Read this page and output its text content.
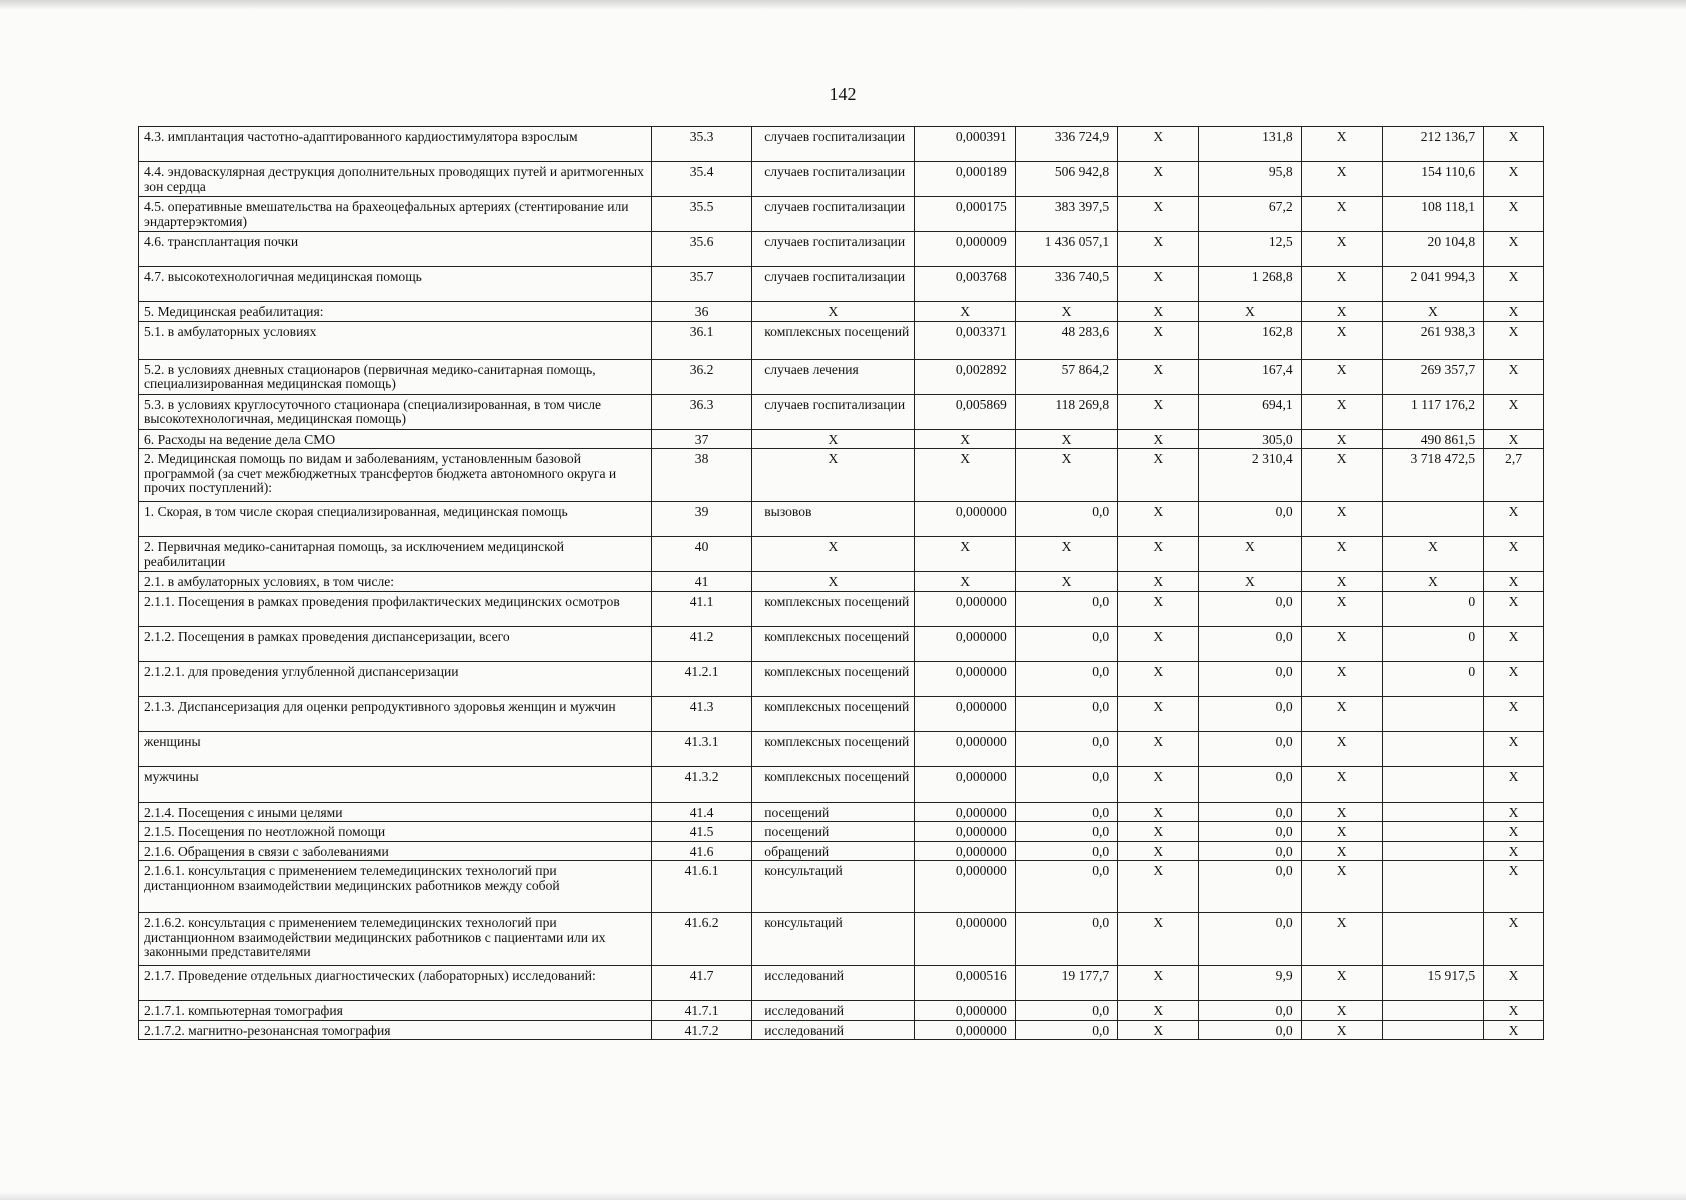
142
4.3. имплантация частотно-адаптированного кардиостимулятора взрослым	35.3	случаев госпитализации	0,000391	336 724,9	X	131,8	X	212 136,7	X
4.4. эндоваскулярная деструкция дополнительных проводящих путей и аритмогенных зон сердца	35.4	случаев госпитализации	0,000189	506 942,8	X	95,8	X	154 110,6	X
4.5. оперативные вмешательства на брахеоцефальных артериях (стентирование или эндартерэктомия)	35.5	случаев госпитализации	0,000175	383 397,5	X	67,2	X	108 118,1	X
4.6. трансплантация почки	35.6	случаев госпитализации	0,000009	1 436 057,1	X	12,5	X	20 104,8	X
4.7. высокотехнологичная медицинская помощь	35.7	случаев госпитализации	0,003768	336 740,5	X	1 268,8	X	2 041 994,3	X
5. Медицинская реабилитация:	36	X	X	X	X	X	X	X	X
5.1. в амбулаторных условиях	36.1	комплексных посещений	0,003371	48 283,6	X	162,8	X	261 938,3	X
5.2. в условиях дневных стационаров (первичная медико-санитарная помощь, специализированная медицинская помощь)	36.2	случаев лечения	0,002892	57 864,2	X	167,4	X	269 357,7	X
5.3. в условиях круглосуточного стационара (специализированная, в том числе высокотехнологичная, медицинская помощь)	36.3	случаев госпитализации	0,005869	118 269,8	X	694,1	X	1 117 176,2	X
6. Расходы на ведение дела СМО	37	X	X	X	X	305,0	X	490 861,5	X
2. Медицинская помощь по видам и заболеваниям, установленным базовой программой (за счет межбюджетных трансфертов бюджета автономного округа и прочих поступлений):	38	X	X	X	X	2 310,4	X	3 718 472,5	2,7
1. Скорая, в том числе скорая специализированная, медицинская помощь	39	вызовов	0,000000	0,0	X	0,0	X		X
2. Первичная медико-санитарная помощь, за исключением медицинской реабилитации	40	X	X	X	X	X	X	X	X
2.1. в амбулаторных условиях, в том числе:	41	X	X	X	X	X	X	X	X
2.1.1. Посещения в рамках проведения профилактических медицинских осмотров	41.1	комплексных посещений	0,000000	0,0	X	0,0	X	0	X
2.1.2. Посещения в рамках проведения диспансеризации, всего	41.2	комплексных посещений	0,000000	0,0	X	0,0	X	0	X
2.1.2.1. для проведения углубленной диспансеризации	41.2.1	комплексных посещений	0,000000	0,0	X	0,0	X	0	X
2.1.3. Диспансеризация для оценки репродуктивного здоровья женщин и мужчин	41.3	комплексных посещений	0,000000	0,0	X	0,0	X		X
женщины	41.3.1	комплексных посещений	0,000000	0,0	X	0,0	X		X
мужчины	41.3.2	комплексных посещений	0,000000	0,0	X	0,0	X		X
2.1.4. Посещения с иными целями	41.4	посещений	0,000000	0,0	X	0,0	X		X
2.1.5. Посещения по неотложной помощи	41.5	посещений	0,000000	0,0	X	0,0	X		X
2.1.6. Обращения в связи с заболеваниями	41.6	обращений	0,000000	0,0	X	0,0	X		X
2.1.6.1. консультация с применением телемедицинских технологий при дистанционном взаимодействии медицинских работников между собой	41.6.1	консультаций	0,000000	0,0	X	0,0	X		X
2.1.6.2. консультация с применением телемедицинских технологий при дистанционном взаимодействии медицинских работников с пациентами или их законными представителями	41.6.2	консультаций	0,000000	0,0	X	0,0	X		X
2.1.7. Проведение отдельных диагностических (лабораторных) исследований:	41.7	исследований	0,000516	19 177,7	X	9,9	X	15 917,5	X
2.1.7.1. компьютерная томография	41.7.1	исследований	0,000000	0,0	X	0,0	X		X
2.1.7.2. магнитно-резонансная томография	41.7.2	исследований	0,000000	0,0	X	0,0	X		X
